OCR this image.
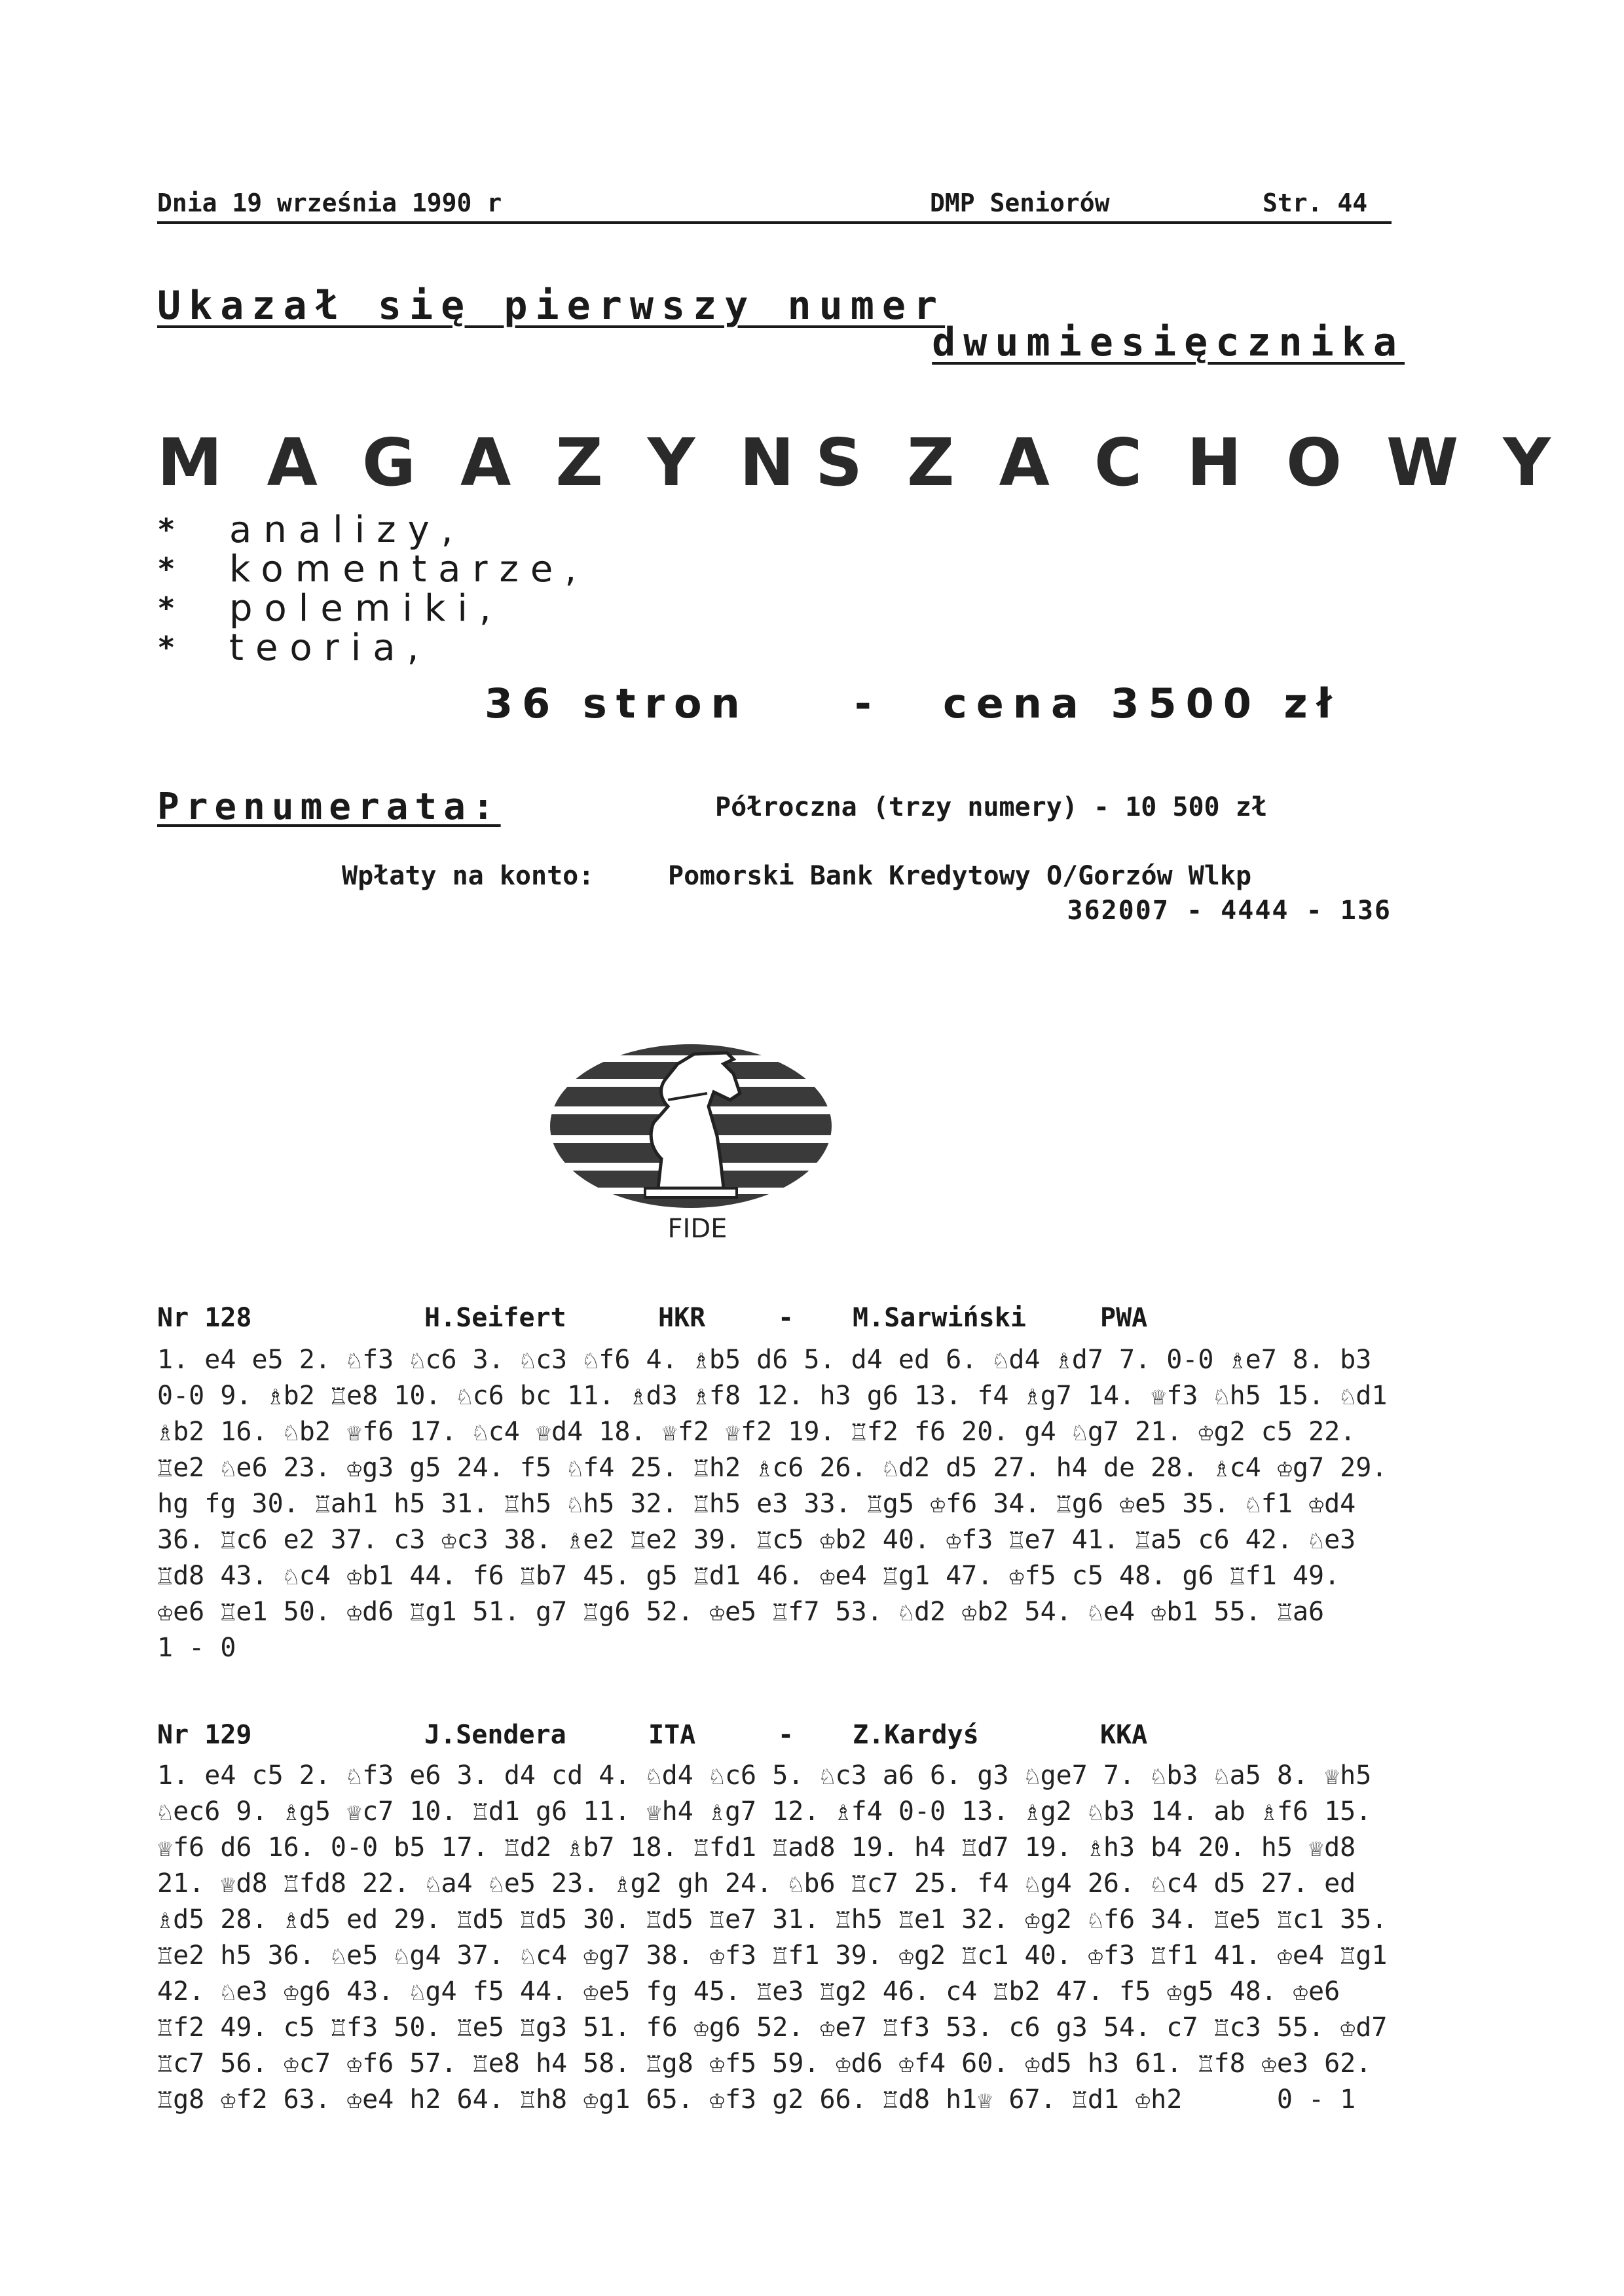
Dnia 19 września 1990 r	DMP Seniorów	Str. 44
Ukazał się pierwszy numer
dwumiesięcznika
MAGAZYN
SZACHOWY
*	analizy,
*	komentarze,
*	polemiki,
*	teoria,
36 stron	- cena 3500 zł
Prenumerata:	Półroczna (trzy numery) - 10 500 zł
Wpłaty na konto:	Pomorski Bank Kredytowy O/Gorzów Wlkp
362007 - 4444 - 136
FIDE
Nr 128	H.Seifert	HKR	- M.Sarwiński	PWA
1. e4 e5 2. ♘f3 ♘c6 3. ♘c3 ♘f6 4. ♗b5 d6 5. d4 ed 6. ♘d4 ♗d7 7. 0-0 ♗e7 8. b3 0-0 9. ♗b2 ♖e8 10. ♘c6 bc 11. ♗d3 ♗f8 12. h3 g6 13. f4 ♗g7 14. ♕f3 ♘h5 15. ♘d1 ♗b2 16. ♘b2 ♕f6 17. ♘c4 ♕d4 18. ♕f2 ♕f2 19. ♖f2 f6 20. g4 ♘g7 21. ♔g2 c5 22. ♖e2 ♘e6 23. ♔g3 g5 24. f5 ♘f4 25. ♖h2 ♗c6 26. ♘d2 d5 27. h4 de 28. ♗c4 ♔g7 29. hg fg 30. ♖ah1 h5 31. ♖h5 ♘h5 32. ♖h5 e3 33. ♖g5 ♔f6 34. ♖g6 ♔e5 35. ♘f1 ♔d4 36. ♖c6 e2 37. c3 ♔c3 38. ♗e2 ♖e2 39. ♖c5 ♔b2 40. ♔f3 ♖e7 41. ♖a5 c6 42. ♘e3 ♖d8 43. ♘c4 ♔b1 44. f6 ♖b7 45. g5 ♖d1 46. ♔e4 ♖g1 47. ♔f5 c5 48. g6 ♖f1 49. ♔e6 ♖e1 50. ♔d6 ♖g1 51. g7 ♖g6 52. ♔e5 ♖f7 53. ♘d2 ♔b2 54. ♘e4 ♔b1 55. ♖a6      1 - 0
Nr 129	J.Sendera	ITA	- Z.Kardyś	KKA
1. e4 c5 2. ♘f3 e6 3. d4 cd 4. ♘d4 ♘c6 5. ♘c3 a6 6. g3 ♘ge7 7. ♘b3 ♘a5 8. ♕h5 ♘ec6 9. ♗g5 ♕c7 10. ♖d1 g6 11. ♕h4 ♗g7 12. ♗f4 0-0 13. ♗g2 ♘b3 14. ab ♗f6 15. ♕f6 d6 16. 0-0 b5 17. ♖d2 ♗b7 18. ♖fd1 ♖ad8 19. h4 ♖d7 19. ♗h3 b4 20. h5 ♕d8 21. ♕d8 ♖fd8 22. ♘a4 ♘e5 23. ♗g2 gh 24. ♘b6 ♖c7 25. f4 ♘g4 26. ♘c4 d5 27. ed ♗d5 28. ♗d5 ed 29. ♖d5 ♖d5 30. ♖d5 ♖e7 31. ♖h5 ♖e1 32. ♔g2 ♘f6 34. ♖e5 ♖c1 35. ♖e2 h5 36. ♘e5 ♘g4 37. ♘c4 ♔g7 38. ♔f3 ♖f1 39. ♔g2 ♖c1 40. ♔f3 ♖f1 41. ♔e4 ♖g1 42. ♘e3 ♔g6 43. ♘g4 f5 44. ♔e5 fg 45. ♖e3 ♖g2 46. c4 ♖b2 47. f5 ♔g5 48. ♔e6 ♖f2 49. c5 ♖f3 50. ♖e5 ♖g3 51. f6 ♔g6 52. ♔e7 ♖f3 53. c6 g3 54. c7 ♖c3 55. ♔d7 ♖c7 56. ♔c7 ♔f6 57. ♖e8 h4 58. ♖g8 ♔f5 59. ♔d6 ♔f4 60. ♔d5 h3 61. ♖f8 ♔e3 62. ♖g8 ♔f2 63. ♔e4 h2 64. ♖h8 ♔g1 65. ♔f3 g2 66. ♖d8 h1♕ 67. ♖d1 ♔h2	0 - 1
